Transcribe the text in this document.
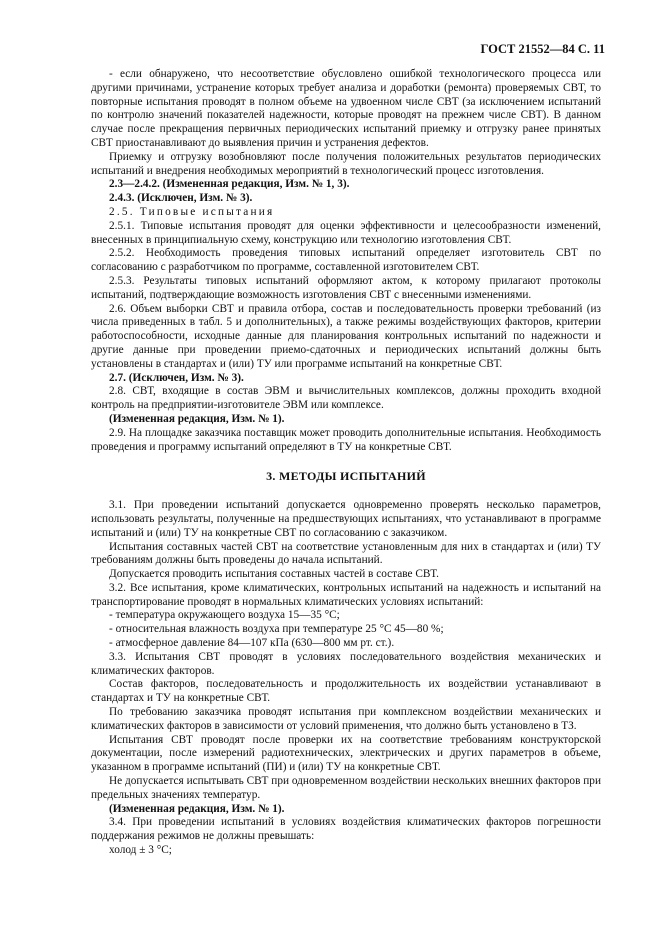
ГОСТ 21552—84 С. 11

- если обнаружено, что несоответствие обусловлено ошибкой технологического процесса или другими причинами, устранение которых требует анализа и доработки (ремонта) проверяемых СВТ, то повторные испытания проводят в полном объеме на удвоенном числе СВТ (за исключением испытаний по контролю значений показателей надежности, которые проводят на прежнем числе СВТ). В данном случае после прекращения первичных периодических испытаний приемку и отгрузку ранее принятых СВТ приостанавливают до выявления причин и устранения дефектов.

Приемку и отгрузку возобновляют после получения положительных результатов периодических испытаний и внедрения необходимых мероприятий в технологический процесс изготовления.

2.3—2.4.2. (Измененная редакция, Изм. № 1, 3).

2.4.3. (Исключен, Изм. № 3).

2.5. Типовые испытания

2.5.1. Типовые испытания проводят для оценки эффективности и целесообразности изменений, внесенных в принципиальную схему, конструкцию или технологию изготовления СВТ.

2.5.2. Необходимость проведения типовых испытаний определяет изготовитель СВТ по согласованию с разработчиком по программе, составленной изготовителем СВТ.

2.5.3. Результаты типовых испытаний оформляют актом, к которому прилагают протоколы испытаний, подтверждающие возможность изготовления СВТ с внесенными изменениями.

2.6. Объем выборки СВТ и правила отбора, состав и последовательность проверки требований (из числа приведенных в табл. 5 и дополнительных), а также режимы воздействующих факторов, критерии работоспособности, исходные данные для планирования контрольных испытаний по надежности и другие данные при проведении приемо-сдаточных и периодических испытаний должны быть установлены в стандартах и (или) ТУ или программе испытаний на конкретные СВТ.

2.7. (Исключен, Изм. № 3).

2.8. СВТ, входящие в состав ЭВМ и вычислительных комплексов, должны проходить входной контроль на предприятии-изготовителе ЭВМ или комплексе.

(Измененная редакция, Изм. № 1).

2.9. На площадке заказчика поставщик может проводить дополнительные испытания. Необходимость проведения и программу испытаний определяют в ТУ на конкретные СВТ.

3. МЕТОДЫ ИСПЫТАНИЙ

3.1. При проведении испытаний допускается одновременно проверять несколько параметров, использовать результаты, полученные на предшествующих испытаниях, что устанавливают в программе испытаний и (или) ТУ на конкретные СВТ по согласованию с заказчиком.

Испытания составных частей СВТ на соответствие установленным для них в стандартах и (или) ТУ требованиям должны быть проведены до начала испытаний.

Допускается проводить испытания составных частей в составе СВТ.

3.2. Все испытания, кроме климатических, контрольных испытаний на надежность и испытаний на транспортирование проводят в нормальных климатических условиях испытаний:

- температура окружающего воздуха 15—35 °С;

- относительная влажность воздуха при температуре 25 °С 45—80 %;

- атмосферное давление 84—107 кПа (630—800 мм рт. ст.).

3.3. Испытания СВТ проводят в условиях последовательного воздействия механических и климатических факторов.

Состав факторов, последовательность и продолжительность их воздействии устанавливают в стандартах и ТУ на конкретные СВТ.

По требованию заказчика проводят испытания при комплексном воздействии механических и климатических факторов в зависимости от условий применения, что должно быть установлено в ТЗ.

Испытания СВТ проводят после проверки их на соответствие требованиям конструкторской документации, после измерений радиотехнических, электрических и других параметров в объеме, указанном в программе испытаний (ПИ) и (или) ТУ на конкретные СВТ.

Не допускается испытывать СВТ при одновременном воздействии нескольких внешних факторов при предельных значениях температур.

(Измененная редакция, Изм. № 1).

3.4. При проведении испытаний в условиях воздействия климатических факторов погрешности поддержания режимов не должны превышать:

холод ± 3 °С;
